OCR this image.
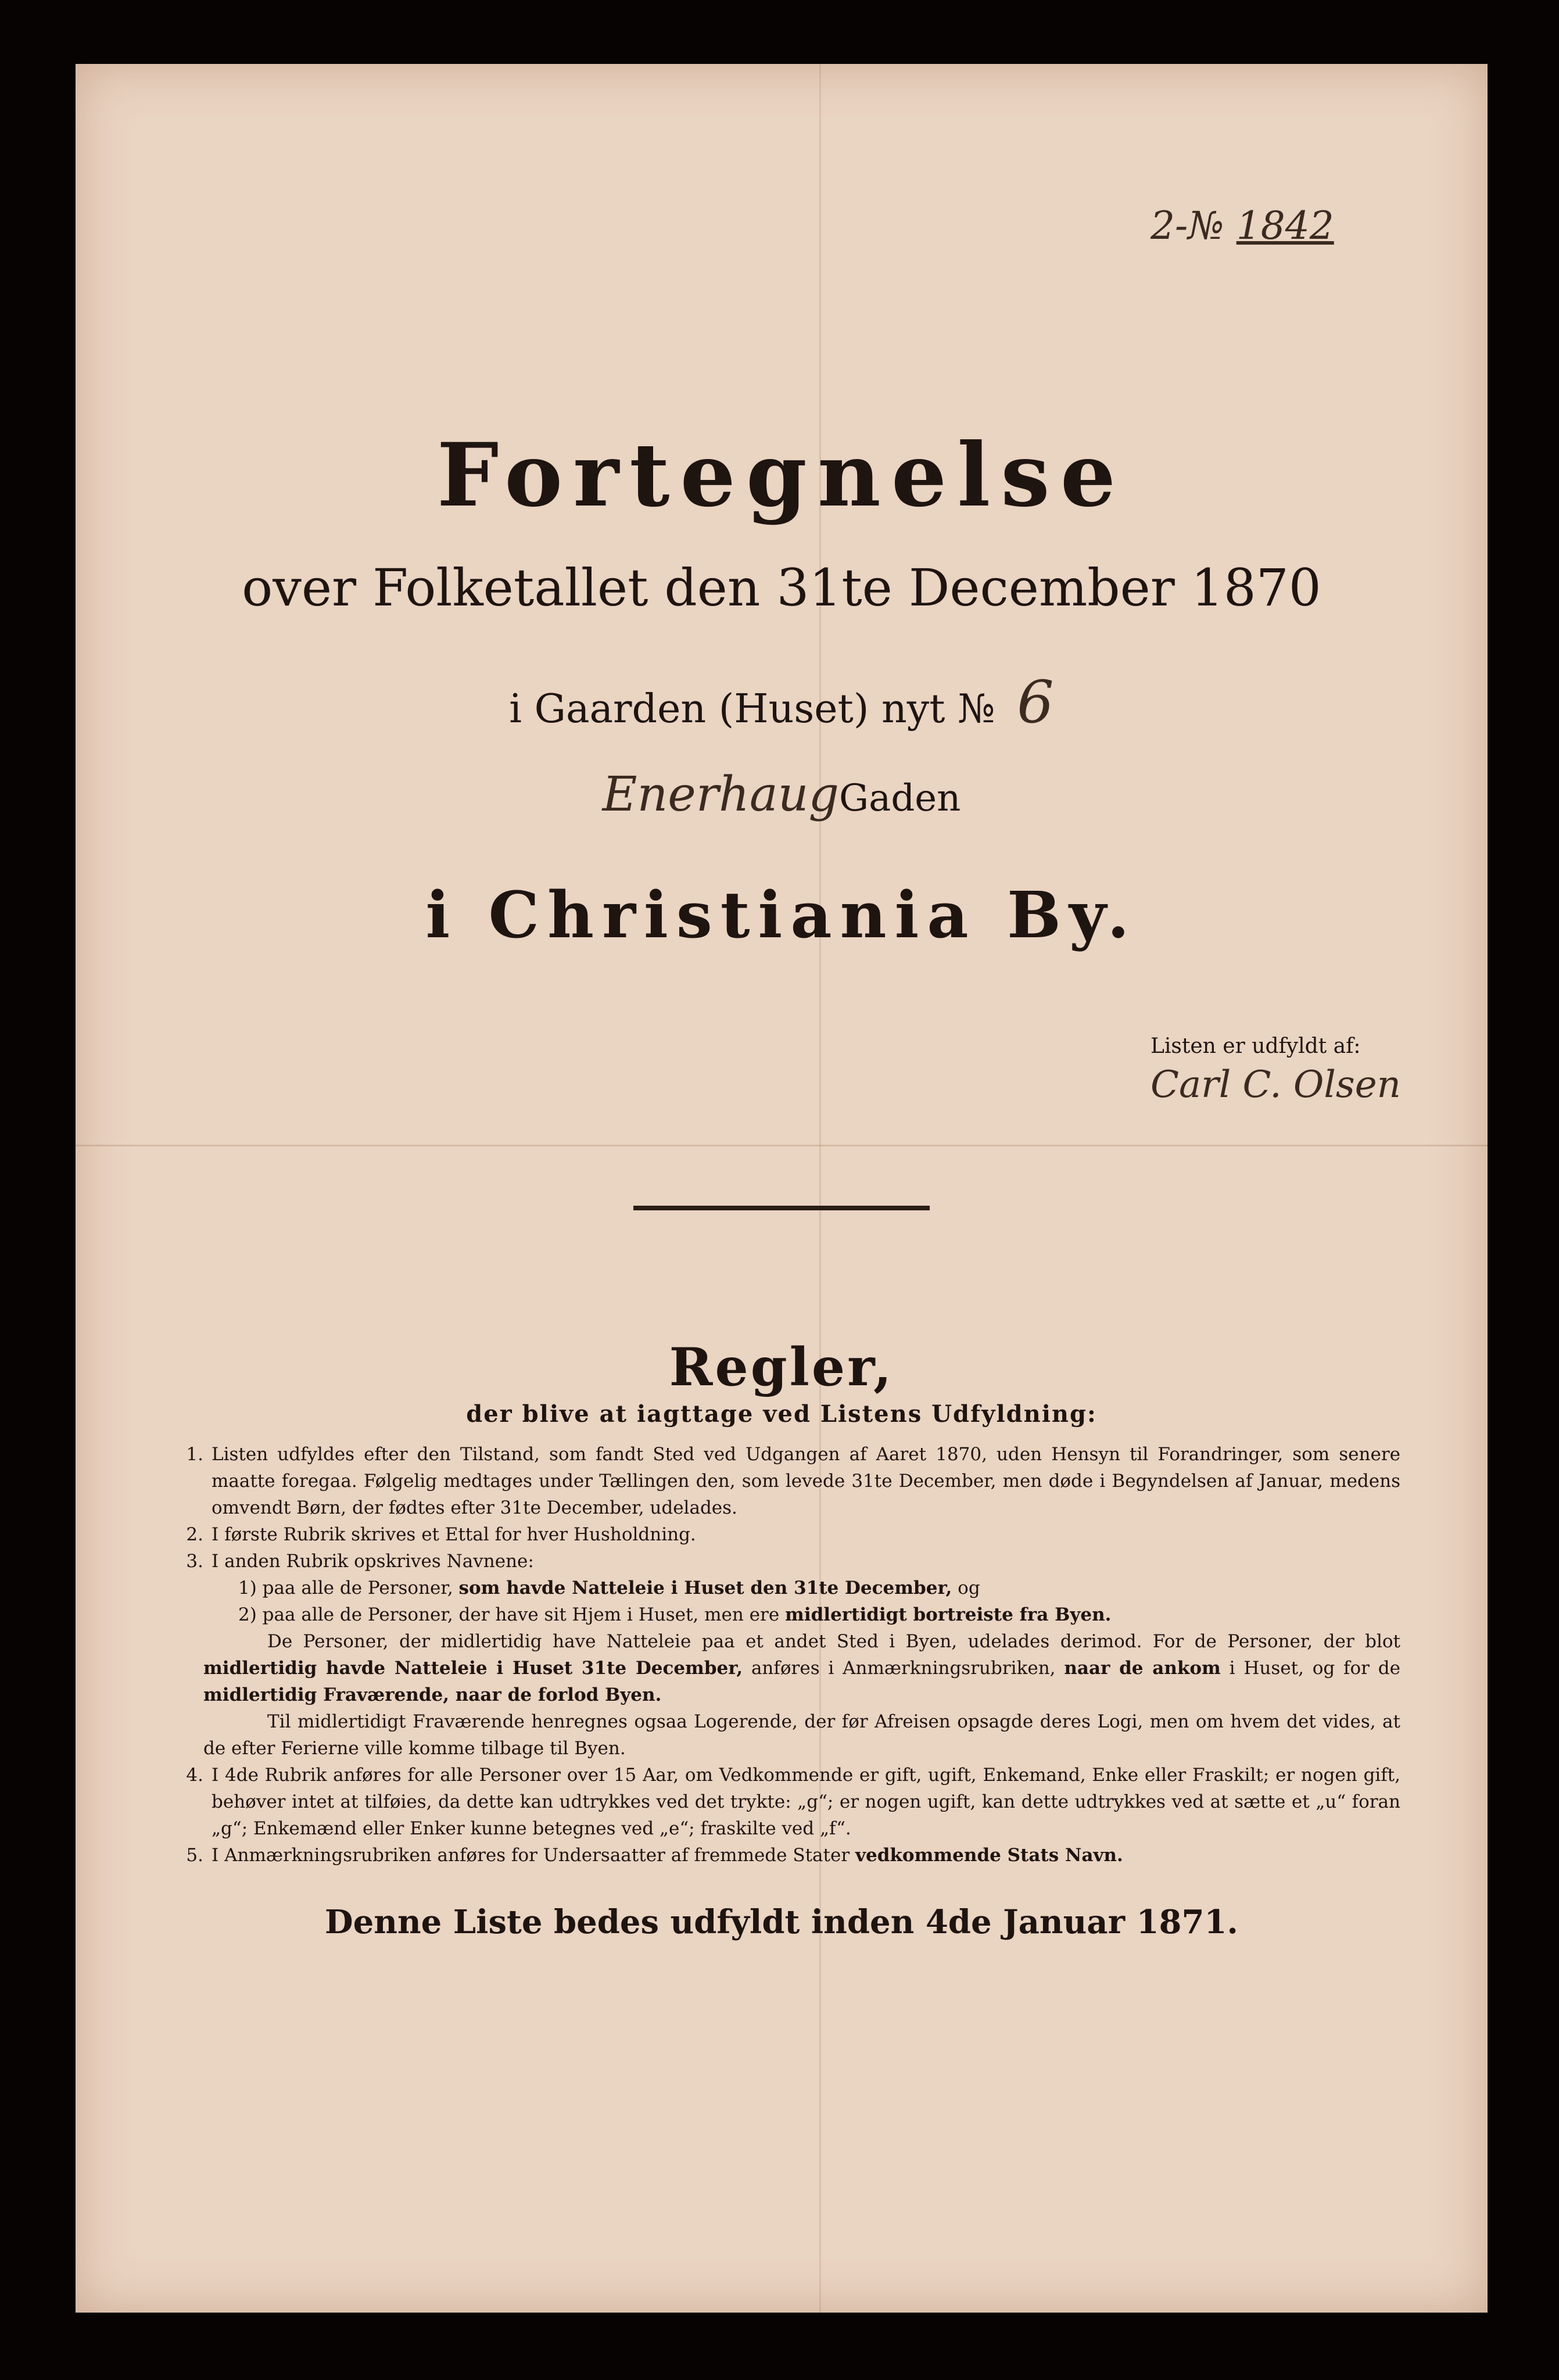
2-№ 1842
Fortegnelse
over Folketallet den 31te December 1870
i Gaarden (Huset) nyt № 6
EnerhaugGaden
i Christiania By.
Listen er udfyldt af:
Carl C. Olsen
Regler,
der blive at iagttage ved Listens Udfyldning:
1. Listen udfyldes efter den Tilstand, som fandt Sted ved Udgangen af Aaret 1870, uden Hensyn til Forandringer, som senere maatte foregaa. Følgelig medtages under Tællingen den, som levede 31te December, men døde i Begyndelsen af Januar, medens omvendt Børn, der fødtes efter 31te December, udelades.
2. I første Rubrik skrives et Ettal for hver Husholdning.
3. I anden Rubrik opskrives Navnene:
1) paa alle de Personer, som havde Natteleie i Huset den 31te December, og
2) paa alle de Personer, der have sit Hjem i Huset, men ere midlertidigt bortreiste fra Byen.
De Personer, der midlertidig have Natteleie paa et andet Sted i Byen, udelades derimod. For de Personer, der blot midlertidig havde Natteleie i Huset 31te December, anføres i Anmærkningsrubriken, naar de ankom i Huset, og for de midlertidig Fraværende, naar de forlod Byen.
Til midlertidigt Fraværende henregnes ogsaa Logerende, der før Afreisen opsagde deres Logi, men om hvem det vides, at de efter Ferierne ville komme tilbage til Byen.
4. I 4de Rubrik anføres for alle Personer over 15 Aar, om Vedkommende er gift, ugift, Enkemand, Enke eller Fraskilt; er nogen gift, behøver intet at tilføies, da dette kan udtrykkes ved det trykte: „g“; er nogen ugift, kan dette udtrykkes ved at sætte et „u“ foran „g“; Enkemænd eller Enker kunne betegnes ved „e“; fraskilte ved „f“.
5. I Anmærkningsrubriken anføres for Undersaatter af fremmede Stater vedkommende Stats Navn.
Denne Liste bedes udfyldt inden 4de Januar 1871.
